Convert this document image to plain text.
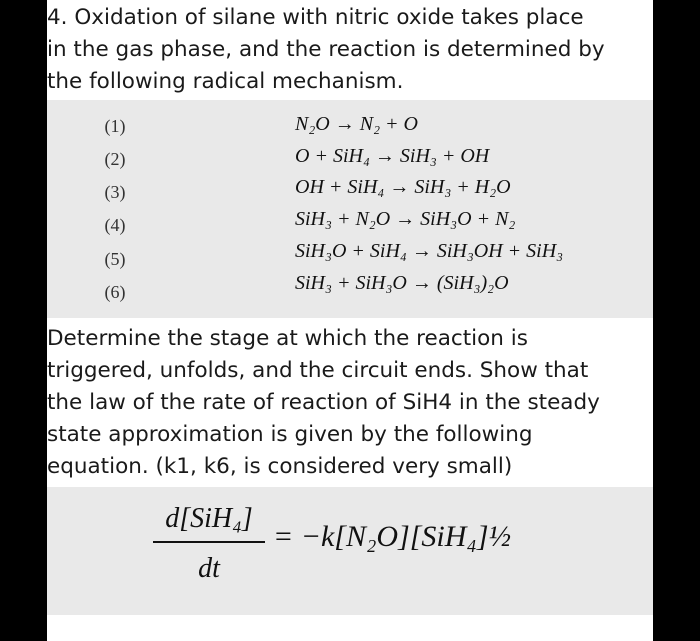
4. Oxidation of silane with nitric oxide takes place
in the gas phase, and the reaction is determined by
the following radical mechanism.

(1)	N₂O → N₂ + O
(2)	O + SiH₄ → SiH₃ + OH
(3)	OH + SiH₄ → SiH₃ + H₂O
(4)	SiH₃ + N₂O → SiH₃O + N₂
(5)	SiH₃O + SiH₄ → SiH₃OH + SiH₃
(6)	SiH₃ + SiH₃O → (SiH₃)₂O

Determine the stage at which the reaction is
triggered, unfolds, and the circuit ends. Show that
the law of the rate of reaction of SiH4 in the steady
state approximation is given by the following
equation. (k1, k6, is considered very small)

d[SiH₄]
dt
= −k[N₂O][SiH₄]½
